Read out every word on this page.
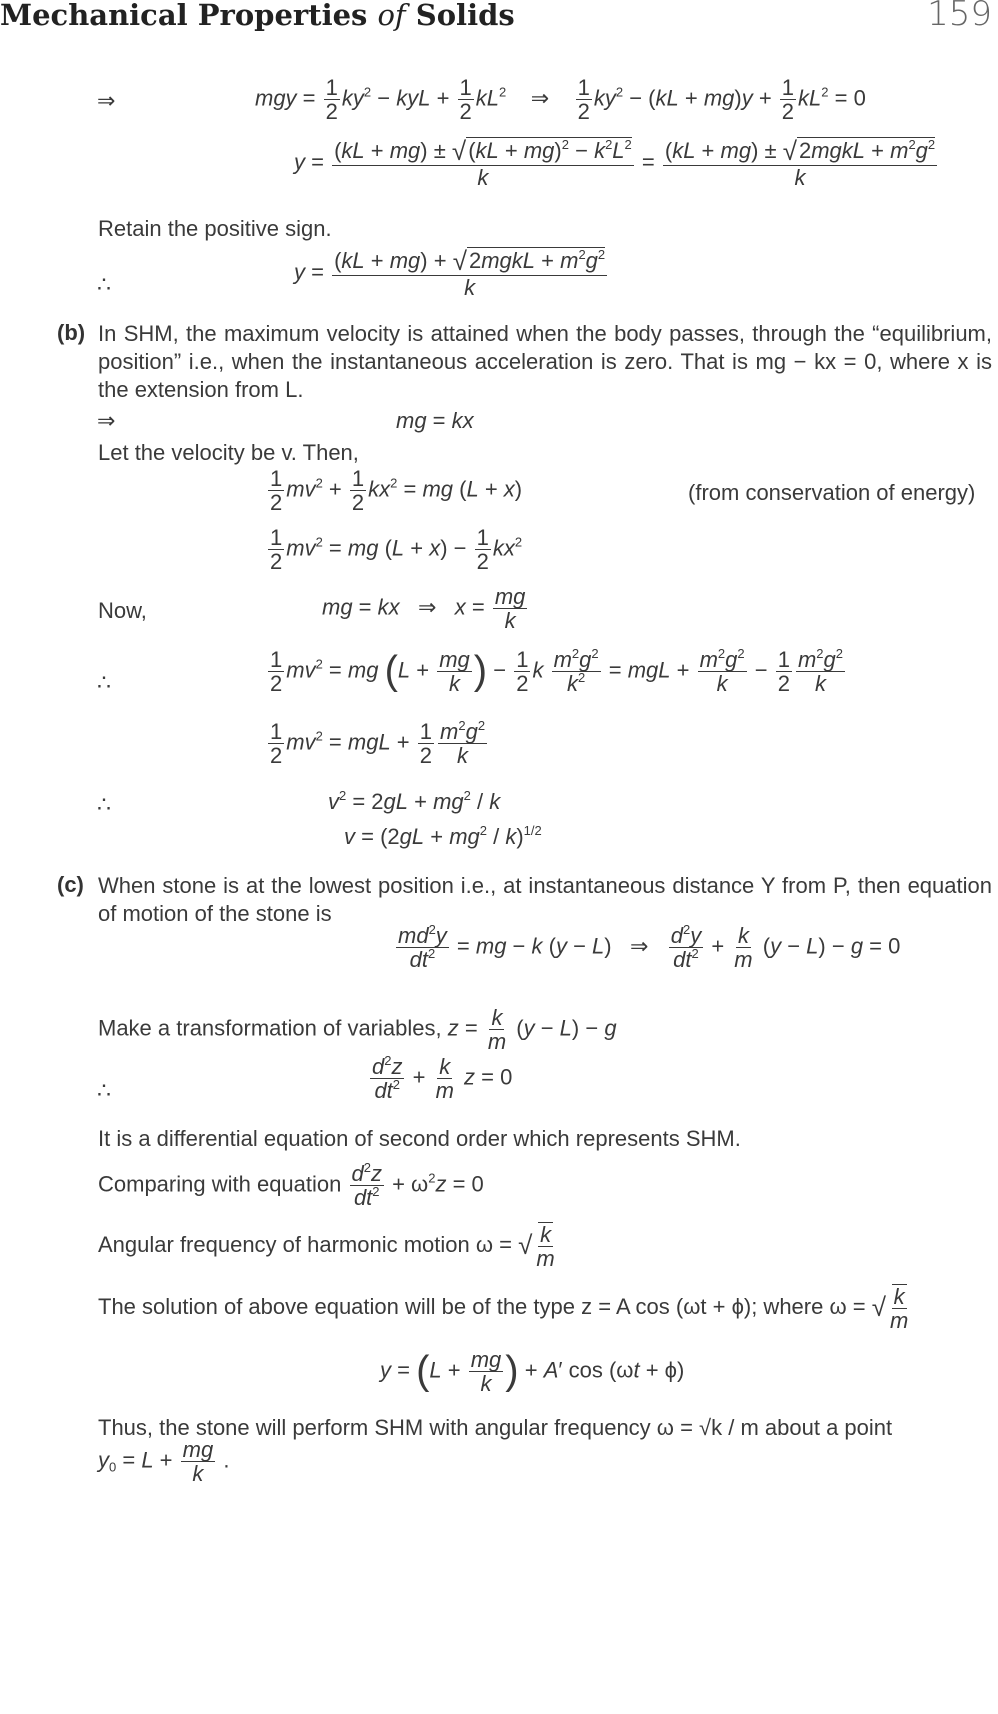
Mechanical Properties of Solids	159
⇒	mgy = $\frac{1}{2} ky^2$ − kyL + $\frac{1}{2} kL^2$    ⇒ $\frac{1}{2} ky^2 - (kL + mg)y + \frac{1}{2} kL^2 = 0$
$y = \frac{(kL + mg) \pm √(kL + mg)^2 - k^2L^2}{k} = \frac{(kL + mg) \pm √2mgkL + m^2g^2}{k}$
Retain the positive sign.
∴	$y = \frac{(kL + mg) + √2mgkL + m^2g^2}{k}$
(b) In SHM, the maximum velocity is attained when the body passes, through the “equilibrium, position” i.e., when the instantaneous acceleration is zero. That is mg − kx = 0, where x is the extension from L.
⇒	mg = kx
Let the velocity be v. Then,
$\frac{1}{2} mv^2 + \frac{1}{2} kx^2$ = mg (L + x)	(from conservation of energy)
$\frac{1}{2} mv^2$ = mg $(L + x) - \frac{1}{2} kx^2$
Now,	mg = kx   ⇒   $x = \frac{mg}{k}$
∴	$\frac{1}{2} mv^2$ = mg ($L + \frac{mg}{k}$ ) − $\frac{1}{2}$ k $\frac{m^2g^2}{k^2}$ = mgL + $\frac{m^2g^2}{k} - \frac{1}{2} \frac{m^2g^2}{k}$
$\frac{1}{2} mv^2$ = mgL + $\frac{1}{2} \frac{m^2g^2}{k}$
∴	$v^2 = 2gL + mg^2 / k$
$v = (2gL + mg^2 / k)^{1/2}$
(c) When stone is at the lowest position i.e., at instantaneous distance Y from P, then equation of motion of the stone is
$\frac{md^2y}{dt^2}$ = mg − k (y − L)   ⇒ $\frac{d^2y}{dt^2} + \frac{k}{m} (y - L) - g = 0$
Make a transformation of variables, $z = \frac{k}{m} (y - L) - g$
∴	$\frac{d^2z}{dt^2} + \frac{k}{m}$ z = 0
It is a differential equation of second order which represents SHM.
Comparing with equation $\frac{d^2z}{dt^2} + \omega^2z = 0$
Angular frequency of harmonic motion ω = √ $\frac{k}{m}$
The solution of above equation will be of the type z = A cos (ωt + ϕ); where ω = √ $\frac{k}{m}$
$y = (L + \frac{mg}{k}$ ) + A′ cos (ωt + ϕ)
Thus, the stone will perform SHM with angular frequency ω = √k / m about a point
$y_0 = L + \frac{mg}{k}$ .
